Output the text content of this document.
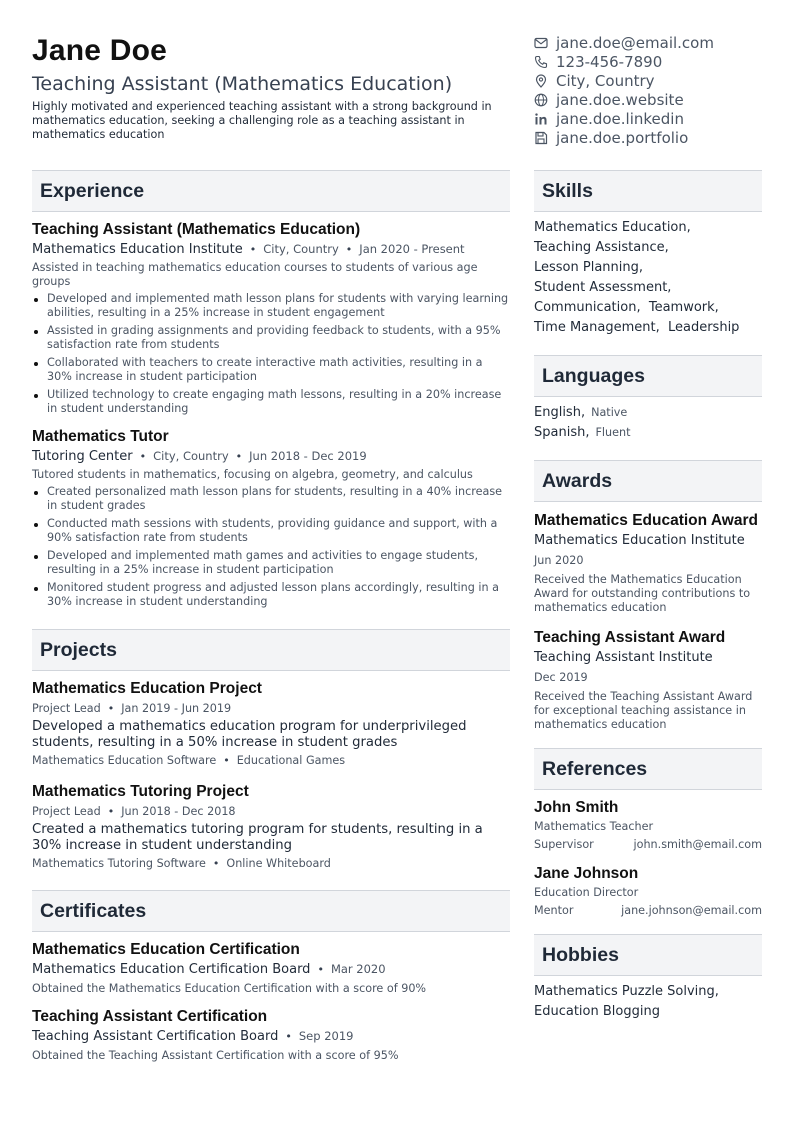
Jane Doe
Teaching Assistant (Mathematics Education)
Highly motivated and experienced teaching assistant with a strong background in mathematics education, seeking a challenging role as a teaching assistant in mathematics education
jane.doe@email.com
123-456-7890
City, Country
jane.doe.website
jane.doe.linkedin
jane.doe.portfolio
Experience
Teaching Assistant (Mathematics Education)
Mathematics Education Institute • City, Country • Jan 2020 - Present
Assisted in teaching mathematics education courses to students of various age groups
Developed and implemented math lesson plans for students with varying learning abilities, resulting in a 25% increase in student engagement
Assisted in grading assignments and providing feedback to students, with a 95% satisfaction rate from students
Collaborated with teachers to create interactive math activities, resulting in a 30% increase in student participation
Utilized technology to create engaging math lessons, resulting in a 20% increase in student understanding
Mathematics Tutor
Tutoring Center • City, Country • Jun 2018 - Dec 2019
Tutored students in mathematics, focusing on algebra, geometry, and calculus
Created personalized math lesson plans for students, resulting in a 40% increase in student grades
Conducted math sessions with students, providing guidance and support, with a 90% satisfaction rate from students
Developed and implemented math games and activities to engage students, resulting in a 25% increase in student participation
Monitored student progress and adjusted lesson plans accordingly, resulting in a 30% increase in student understanding
Projects
Mathematics Education Project
Project Lead • Jan 2019 - Jun 2019
Developed a mathematics education program for underprivileged students, resulting in a 50% increase in student grades
Mathematics Education Software • Educational Games
Mathematics Tutoring Project
Project Lead • Jun 2018 - Dec 2018
Created a mathematics tutoring program for students, resulting in a 30% increase in student understanding
Mathematics Tutoring Software • Online Whiteboard
Certificates
Mathematics Education Certification
Mathematics Education Certification Board • Mar 2020
Obtained the Mathematics Education Certification with a score of 90%
Teaching Assistant Certification
Teaching Assistant Certification Board • Sep 2019
Obtained the Teaching Assistant Certification with a score of 95%
Skills
Mathematics Education,
Teaching Assistance,
Lesson Planning,
Student Assessment,
Communication,  Teamwork,
Time Management,  Leadership
Languages
English, Native
Spanish, Fluent
Awards
Mathematics Education Award
Mathematics Education Institute
Jun 2020
Received the Mathematics Education Award for outstanding contributions to mathematics education
Teaching Assistant Award
Teaching Assistant Institute
Dec 2019
Received the Teaching Assistant Award for exceptional teaching assistance in mathematics education
References
John Smith
Mathematics Teacher
Supervisor	john.smith@email.com
Jane Johnson
Education Director
Mentor	jane.johnson@email.com
Hobbies
Mathematics Puzzle Solving,
Education Blogging
